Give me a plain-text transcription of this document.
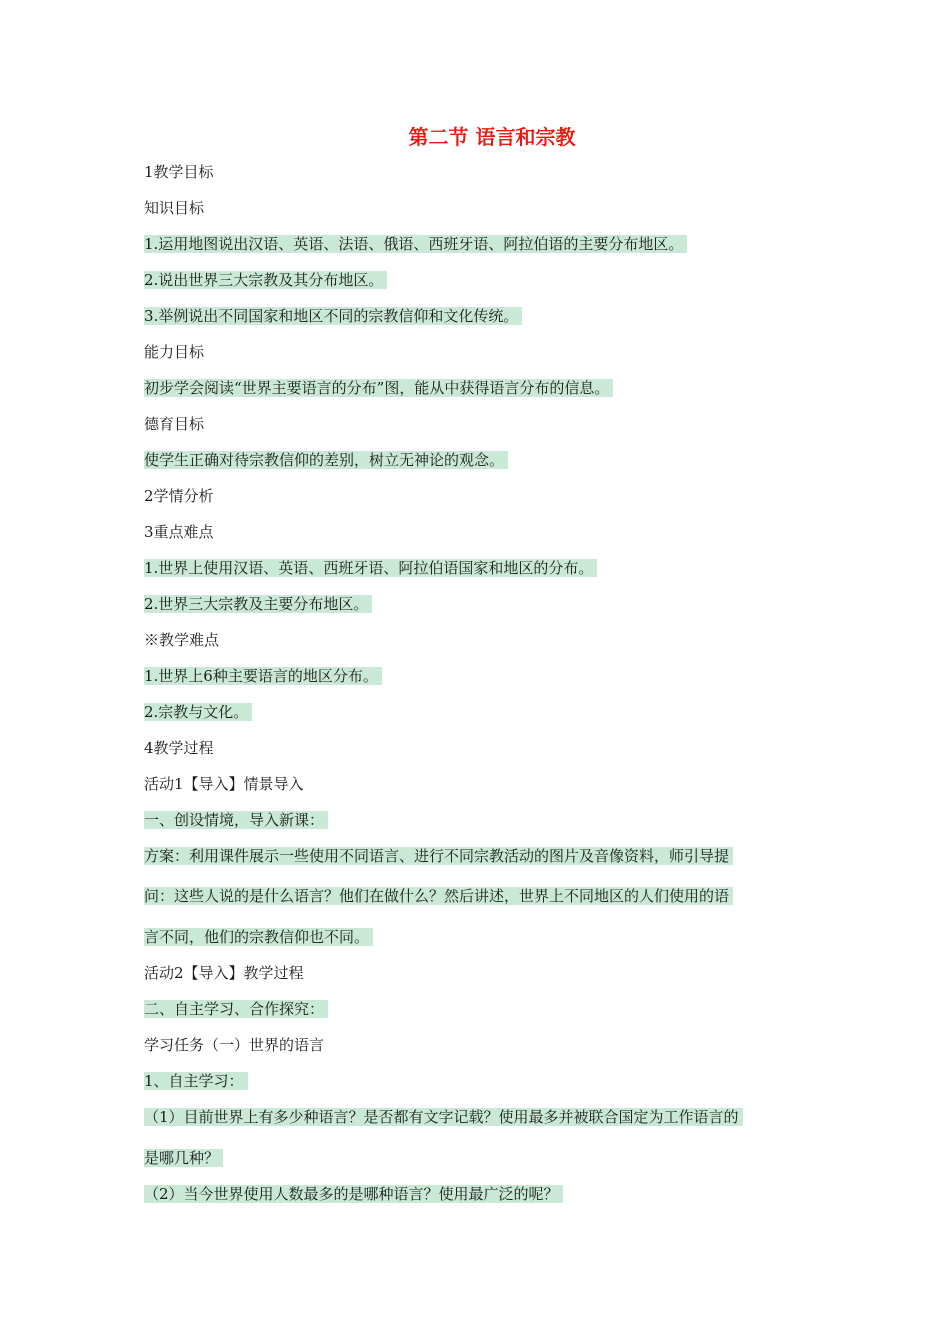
第二节 语言和宗教

1教学目标

知识目标

1.运用地图说出汉语、英语、法语、俄语、西班牙语、阿拉伯语的主要分布地区。

2.说出世界三大宗教及其分布地区。

3.举例说出不同国家和地区不同的宗教信仰和文化传统。

能力目标

初步学会阅读“世界主要语言的分布”图，能从中获得语言分布的信息。

德育目标

使学生正确对待宗教信仰的差别，树立无神论的观念。

2学情分析

3重点难点

1.世界上使用汉语、英语、西班牙语、阿拉伯语国家和地区的分布。

2.世界三大宗教及主要分布地区。

※教学难点

1.世界上6种主要语言的地区分布。

2.宗教与文化。

4教学过程

活动1【导入】情景导入

一、创设情境，导入新课：

方案：利用课件展示一些使用不同语言、进行不同宗教活动的图片及音像资料，师引导提

问：这些人说的是什么语言？他们在做什么？然后讲述，世界上不同地区的人们使用的语

言不同，他们的宗教信仰也不同。

活动2【导入】教学过程

二、自主学习、合作探究：

学习任务（一）世界的语言

1、自主学习：

（1）目前世界上有多少种语言？是否都有文字记载？使用最多并被联合国定为工作语言的

是哪几种？

（2）当今世界使用人数最多的是哪种语言？使用最广泛的呢？
